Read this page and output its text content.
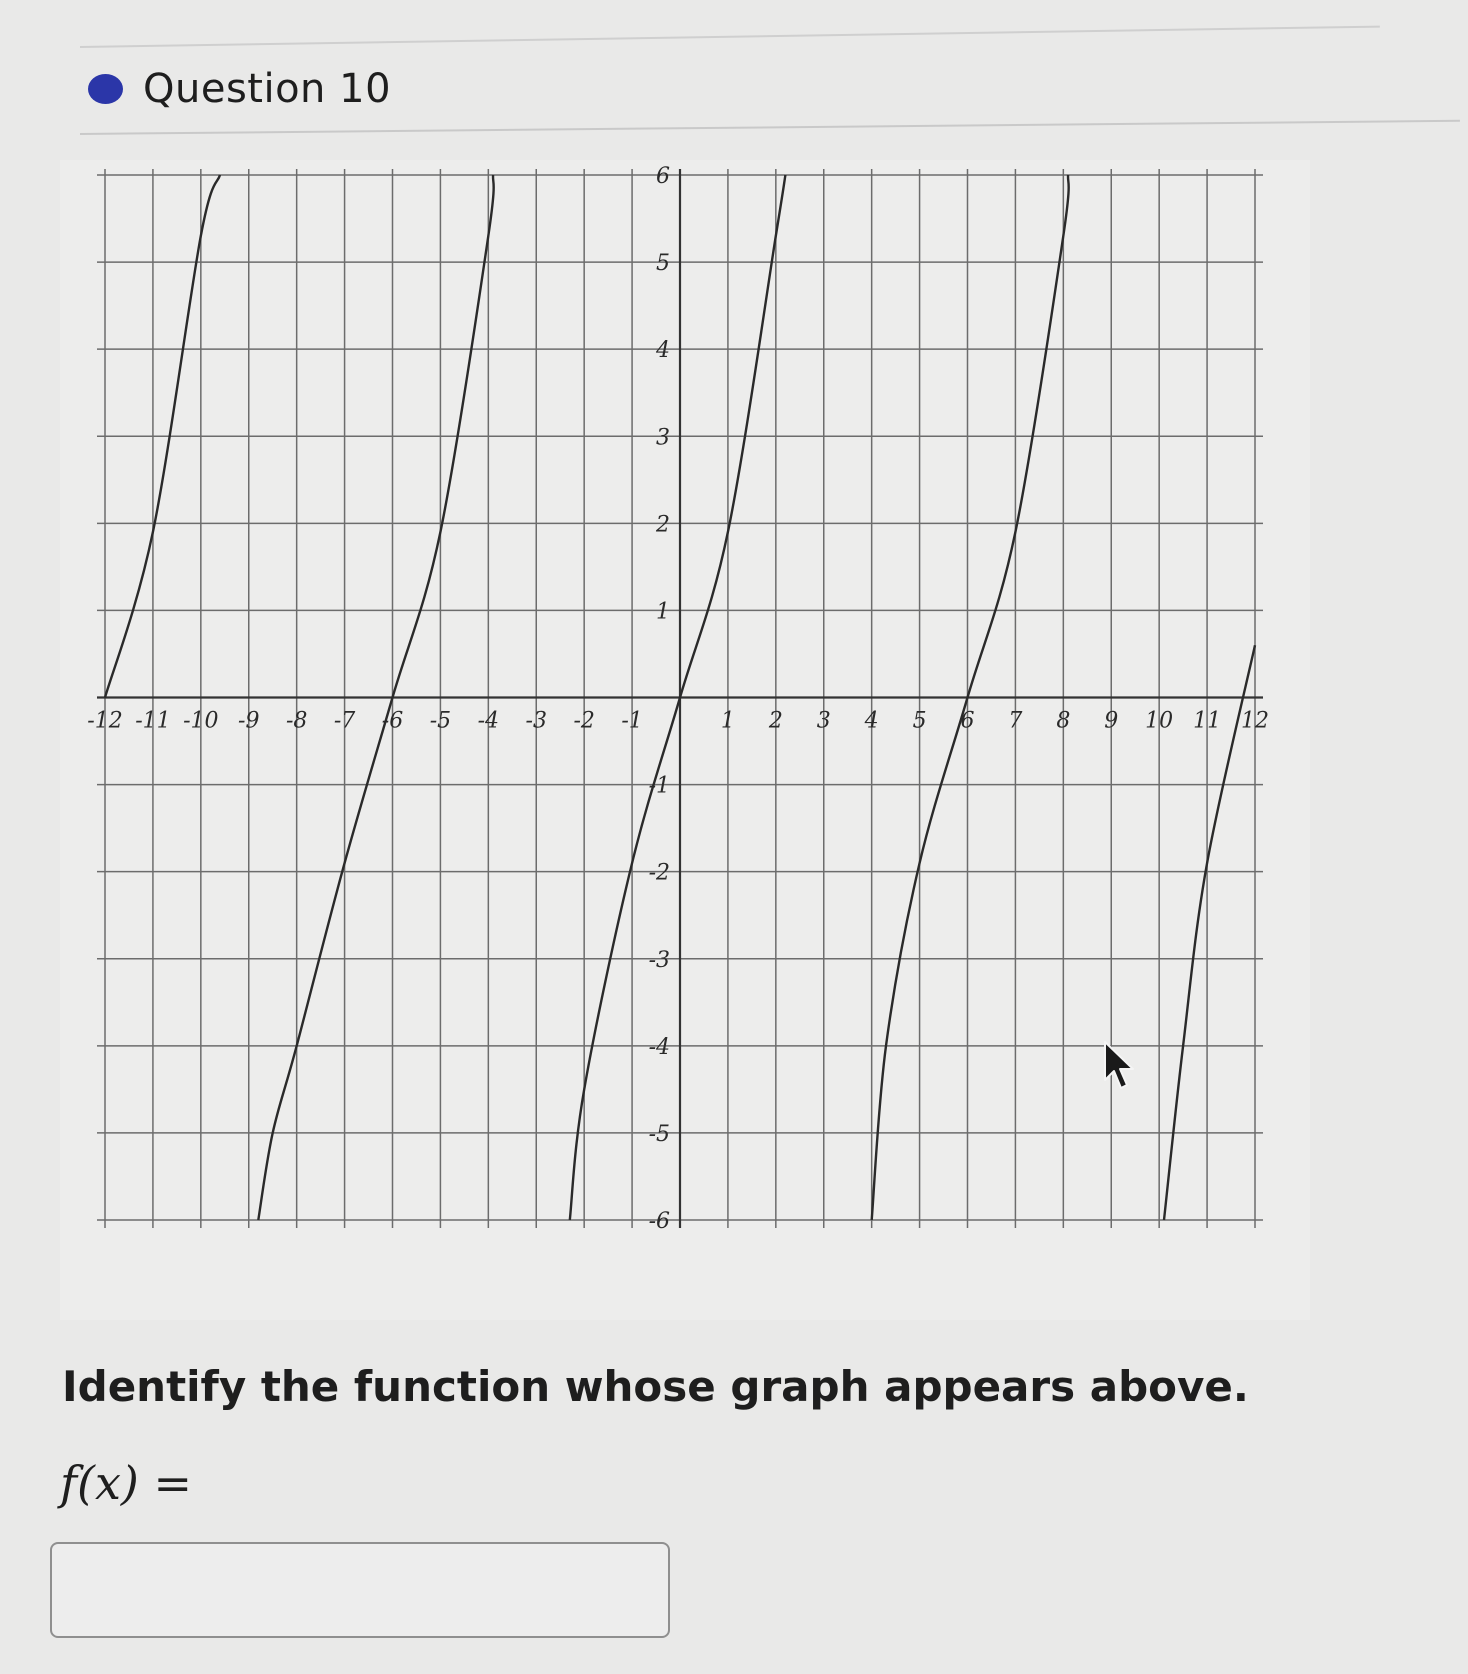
Question 10
-12 -11 -10 -9 -8 -7 -6 -5 -4 -3 -2 -1	1 2 3 4 5 6 7 8 9 10 11 12
6
5
4
3
2
1
-1
-2
-3
-4
-5
-6
Identify the function whose graph appears above.
f(x) =
